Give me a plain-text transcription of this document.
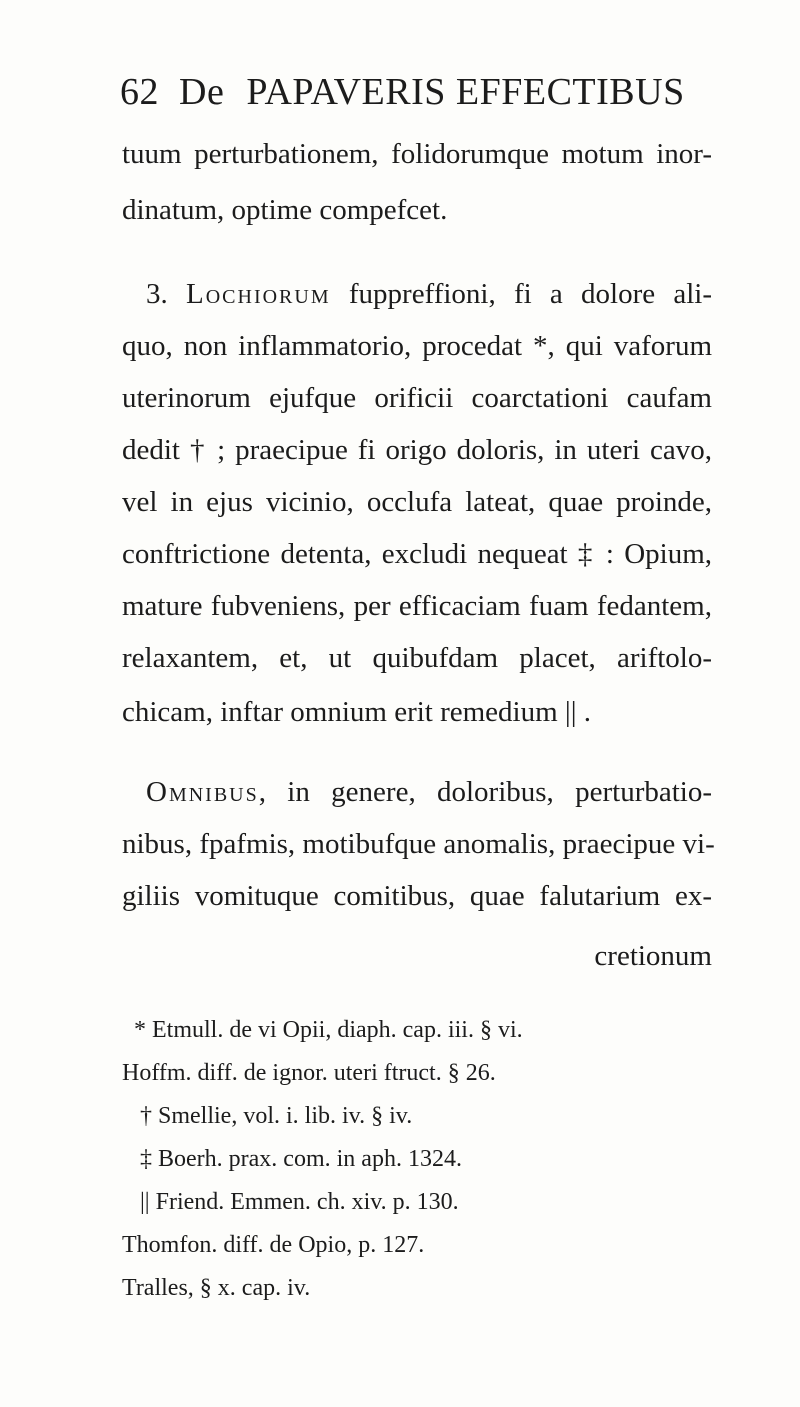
62 De PAPAVERIS EFFECTIBUS
tuum perturbationem, folidorumque motum inor-
dinatum, optime compefcet.
3. Lochiorum fuppreffioni, fi a dolore ali-
quo, non inflammatorio, procedat *, qui vaforum
uterinorum ejufque orificii coarctationi caufam
dedit † ; praecipue fi origo doloris, in uteri cavo,
vel in ejus vicinio, occlufa lateat, quae proinde,
conftrictione detenta, excludi nequeat ‡ : Opium,
mature fubveniens, per efficaciam fuam fedantem,
relaxantem, et, ut quibufdam placet, ariftolo-
chicam, inftar omnium erit remedium || .
Omnibus, in genere, doloribus, perturbatio-
nibus, fpafmis, motibufque anomalis, praecipue vi-
giliis vomituque comitibus, quae falutarium ex-
cretionum
* Etmull. de vi Opii, diaph. cap. iii. § vi.
Hoffm. diff. de ignor. uteri ftruct. § 26.
† Smellie, vol. i. lib. iv. § iv.
‡ Boerh. prax. com. in aph. 1324.
|| Friend. Emmen. ch. xiv. p. 130.
Thomfon. diff. de Opio, p. 127.
Tralles, § x. cap. iv.
